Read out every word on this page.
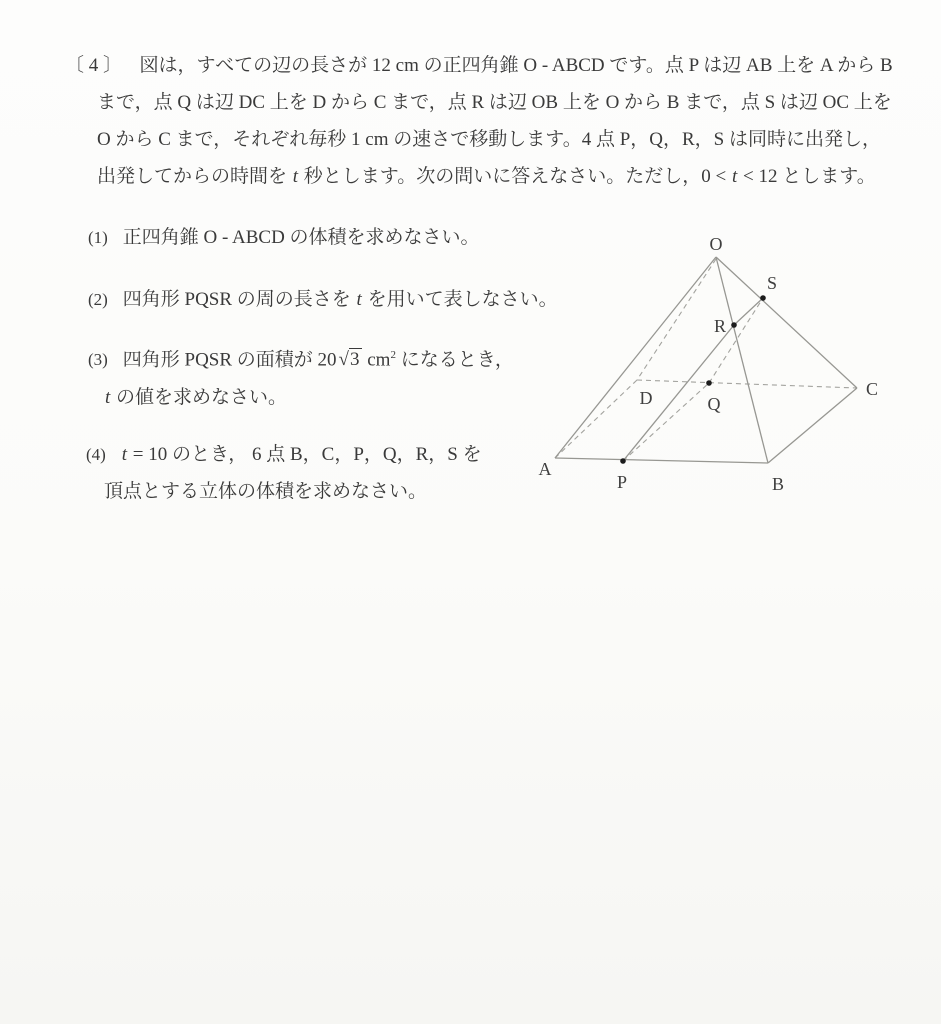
〔 4 〕 図は，すべての辺の長さが 12 cm の正四角錐 O - ABCD です。点 P は辺 AB 上を A から B
まで，点 Q は辺 DC 上を D から C まで，点 R は辺 OB 上を O から B まで，点 S は辺 OC 上を
O から C まで，それぞれ毎秒 1 cm の速さで移動します。4 点 P，Q，R，S は同時に出発し，
出発してからの時間を t 秒とします。次の問いに答えなさい。ただし，0 < t < 12 とします。
(1) 正四角錐 O - ABCD の体積を求めなさい。
(2) 四角形 PQSR の周の長さを t を用いて表しなさい。
(3) 四角形 PQSR の面積が 20 √3 $cm^2$ になるとき，
t の値を求めなさい。
(4) t = 10 のとき， 6 点 B，C，P，Q，R，S を
頂点とする立体の体積を求めなさい。
O
S
R
D	Q
C
A
P	B
